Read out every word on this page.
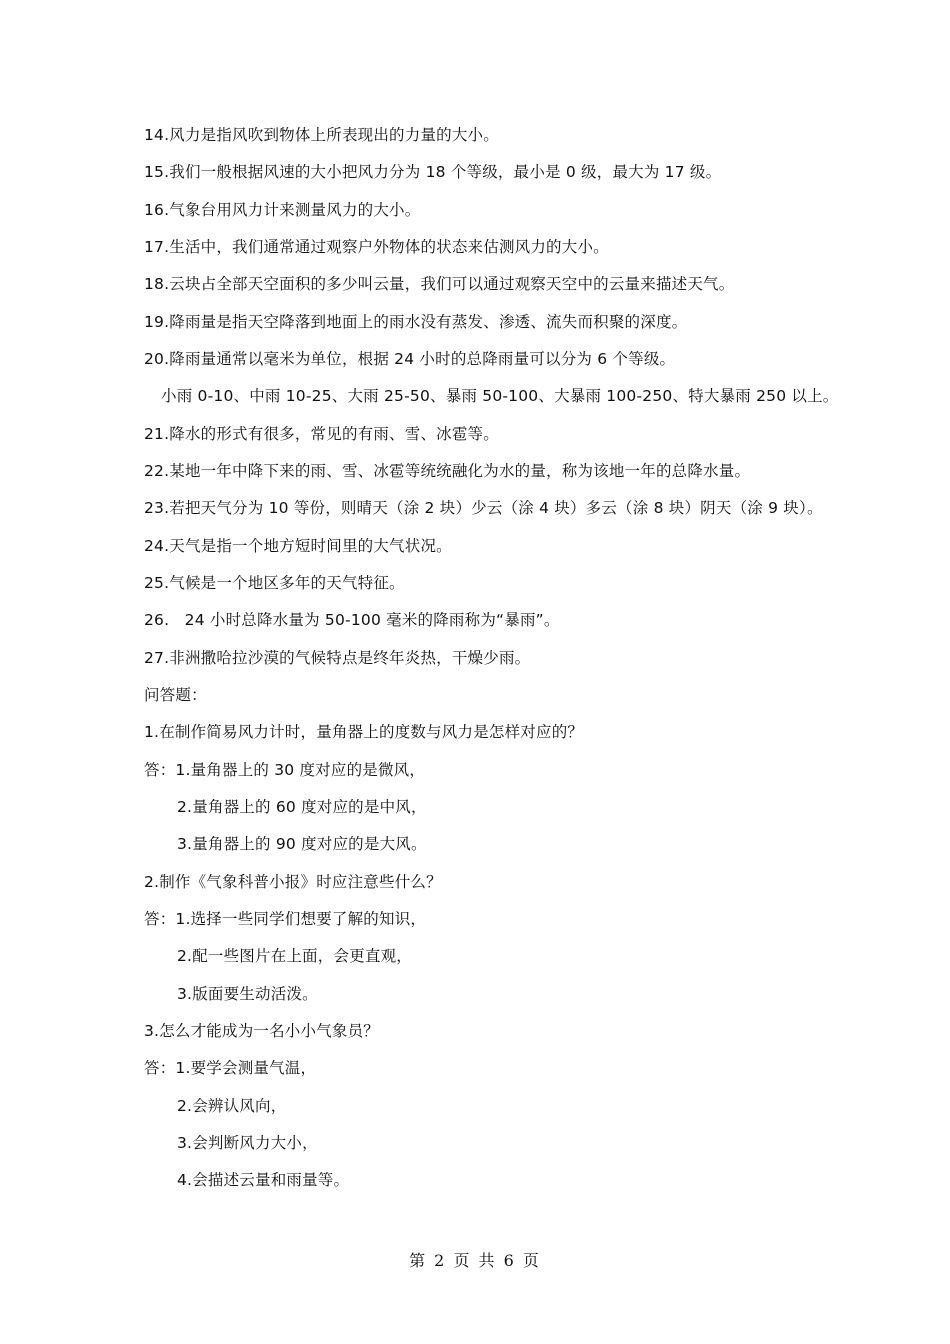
14.风力是指风吹到物体上所表现出的力量的大小。
15.我们一般根据风速的大小把风力分为 18 个等级，最小是 0 级，最大为 17 级。
16.气象台用风力计来测量风力的大小。
17.生活中，我们通常通过观察户外物体的状态来估测风力的大小。
18.云块占全部天空面积的多少叫云量，我们可以通过观察天空中的云量来描述天气。
19.降雨量是指天空降落到地面上的雨水没有蒸发、渗透、流失而积聚的深度。
20.降雨量通常以毫米为单位，根据 24 小时的总降雨量可以分为 6 个等级。
小雨 0-10、中雨 10-25、大雨 25-50、暴雨 50-100、大暴雨 100-250、特大暴雨 250 以上。
21.降水的形式有很多，常见的有雨、雪、冰雹等。
22.某地一年中降下来的雨、雪、冰雹等统统融化为水的量，称为该地一年的总降水量。
23.若把天气分为 10 等份，则晴天（涂 2 块）少云（涂 4 块）多云（涂 8 块）阴天（涂 9 块）。
24.天气是指一个地方短时间里的大气状况。
25.气候是一个地区多年的天气特征。
26.   24 小时总降水量为 50-100 毫米的降雨称为“暴雨”。
27.非洲撒哈拉沙漠的气候特点是终年炎热，干燥少雨。
问答题：
1.在制作简易风力计时，量角器上的度数与风力是怎样对应的？
答：1.量角器上的 30 度对应的是微风，
2.量角器上的 60 度对应的是中风，
3.量角器上的 90 度对应的是大风。
2.制作《气象科普小报》时应注意些什么？
答：1.选择一些同学们想要了解的知识，
2.配一些图片在上面，会更直观，
3.版面要生动活泼。
3.怎么才能成为一名小小气象员？
答：1.要学会测量气温，
2.会辨认风向，
3.会判断风力大小，
4.会描述云量和雨量等。
第 2 页 共 6 页
